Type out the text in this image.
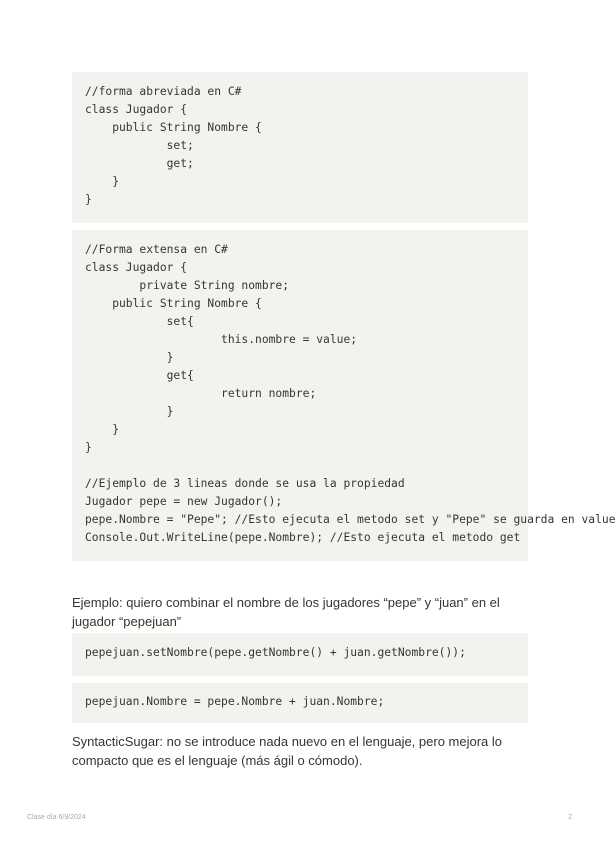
//forma abreviada en C#
class Jugador {
public String Nombre {
set;
get;
}
}
//Forma extensa en C#
class Jugador {
private String nombre;
public String Nombre {
set{
this.nombre = value;
}
get{
return nombre;
}
}
}

//Ejemplo de 3 lineas donde se usa la propiedad
Jugador pepe = new Jugador();
pepe.Nombre = "Pepe"; //Esto ejecuta el metodo set y "Pepe" se guarda en value
Console.Out.WriteLine(pepe.Nombre); //Esto ejecuta el metodo get

Ejemplo: quiero combinar el nombre de los jugadores “pepe” y “juan” en el
jugador “pepejuan”

pepejuan.setNombre(pepe.getNombre() + juan.getNombre());
pepejuan.Nombre = pepe.Nombre + juan.Nombre;

SyntacticSugar: no se introduce nada nuevo en el lenguaje, pero mejora lo
compacto que es el lenguaje (más ágil o cómodo).

Clase día 6/9/2024	2
